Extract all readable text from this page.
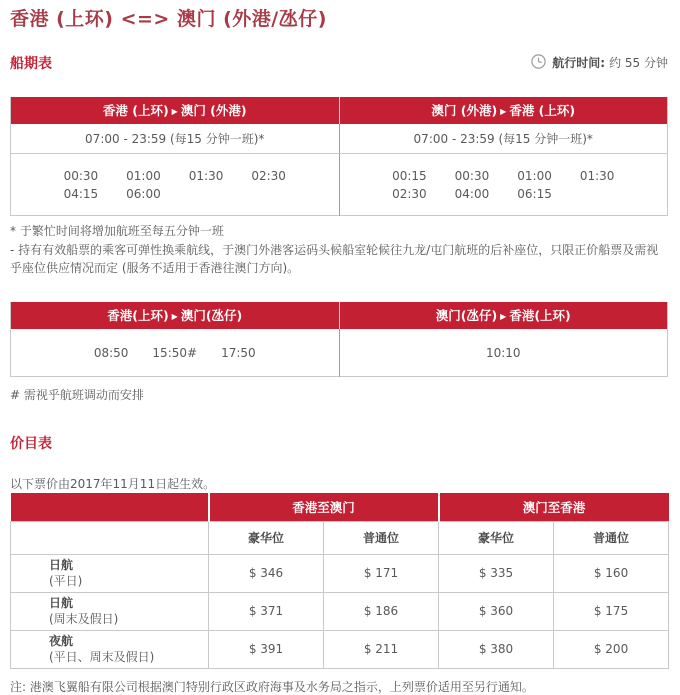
香港 (上环) <=> 澳门 (外港/氹仔)
船期表	航行时间: 约 55 分钟
香港 (上环) ▶ 澳门 (外港)	澳门 (外港) ▶ 香港 (上环)
07:00 - 23:59 (每15 分钟一班)*	07:00 - 23:59 (每15 分钟一班)*

00:30 01:00 01:30 02:30
04:15 06:00

00:15 00:30 01:00 01:30
02:30 04:00 06:15
* 于繁忙时间将增加航班至每五分钟一班
- 持有有效船票的乘客可弹性换乘航线，于澳门外港客运码头候船室轮候往九龙/屯门航班的后补座位，只限正价船票及需视乎座位供应情况而定 (服务不适用于香港往澳门方向)。
香港(上环) ▶ 澳门(氹仔)	澳门(氹仔) ▶ 香港(上环)

08:50 15:50# 17:50	10:10
# 需视乎航班调动而安排
价目表
以下票价由2017年11月11日起生效。
	香港至澳门		澳门至香港	
	豪华位	普通位	豪华位	普通位

日航
(平日)	$ 346	$ 171	$ 335	$ 160

日航
(周末及假日)	$ 371	$ 186	$ 360	$ 175

夜航
(平日、周末及假日)	$ 391	$ 211	$ 380	$ 200
注: 港澳飞翼船有限公司根据澳门特别行政区政府海事及水务局之指示，上列票价适用至另行通知。
